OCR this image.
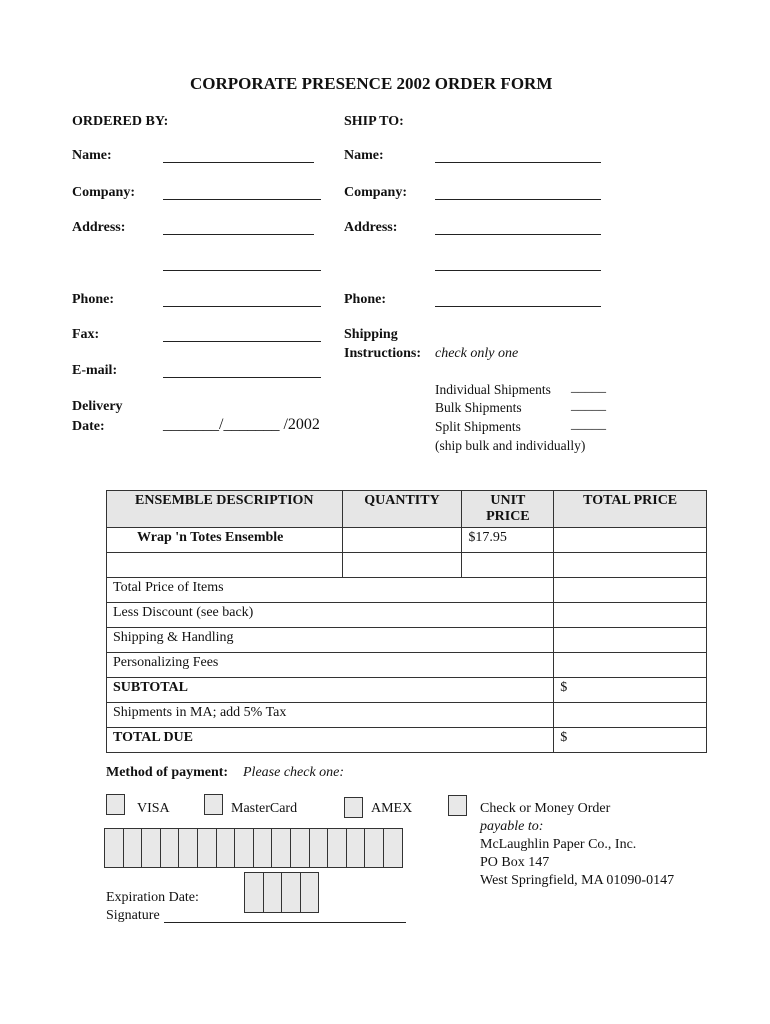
CORPORATE PRESENCE 2002 ORDER FORM
ORDERED BY:
Name:
Company:
Address:
Phone:
Fax:
E-mail:
Delivery
Date:	_______/_______ /2002
SHIP TO:
Name:
Company:
Address:
Phone:
Shipping
Instructions: check only one
Individual Shipments _____
Bulk Shipments	_____
Split Shipments	_____
(ship bulk and individually)
ENSEMBLE DESCRIPTION	QUANTITY	UNIT PRICE	TOTAL PRICE
Wrap 'n Totes Ensemble		$17.95	

Total Price of Items			
Less Discount (see back)			
Shipping & Handling			
Personalizing Fees			
SUBTOTAL			$
Shipments in MA; add 5% Tax			
TOTAL DUE			$
Method of payment: Please check one:
VISA	MasterCard	AMEX	Check or Money Order
payable to:
McLaughlin Paper Co., Inc.
PO Box 147
West Springfield, MA 01090-0147
Expiration Date:
Signature
